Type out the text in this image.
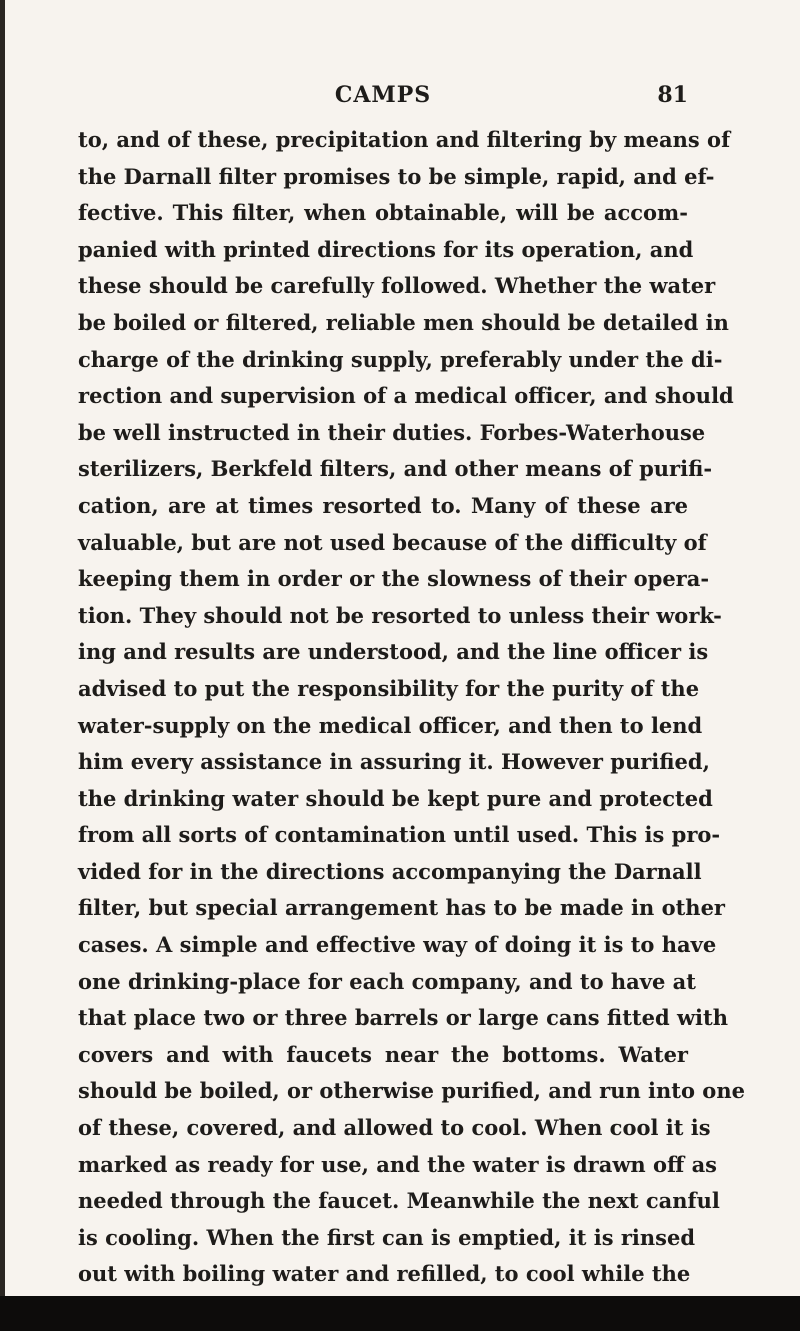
CAMPS	81
to, and of these, precipitation and filtering by means of
the Darnall filter promises to be simple, rapid, and ef-
fective. This filter, when obtainable, will be accom-
panied with printed directions for its operation, and
these should be carefully followed. Whether the water
be boiled or filtered, reliable men should be detailed in
charge of the drinking supply, preferably under the di-
rection and supervision of a medical officer, and should
be well instructed in their duties. Forbes-Waterhouse
sterilizers, Berkfeld filters, and other means of purifi-
cation, are at times resorted to. Many of these are
valuable, but are not used because of the difficulty of
keeping them in order or the slowness of their opera-
tion. They should not be resorted to unless their work-
ing and results are understood, and the line officer is
advised to put the responsibility for the purity of the
water-supply on the medical officer, and then to lend
him every assistance in assuring it. However purified,
the drinking water should be kept pure and protected
from all sorts of contamination until used. This is pro-
vided for in the directions accompanying the Darnall
filter, but special arrangement has to be made in other
cases. A simple and effective way of doing it is to have
one drinking-place for each company, and to have at
that place two or three barrels or large cans fitted with
covers and with faucets near the bottoms. Water
should be boiled, or otherwise purified, and run into one
of these, covered, and allowed to cool. When cool it is
marked as ready for use, and the water is drawn off as
needed through the faucet. Meanwhile the next canful
is cooling. When the first can is emptied, it is rinsed
out with boiling water and refilled, to cool while the
